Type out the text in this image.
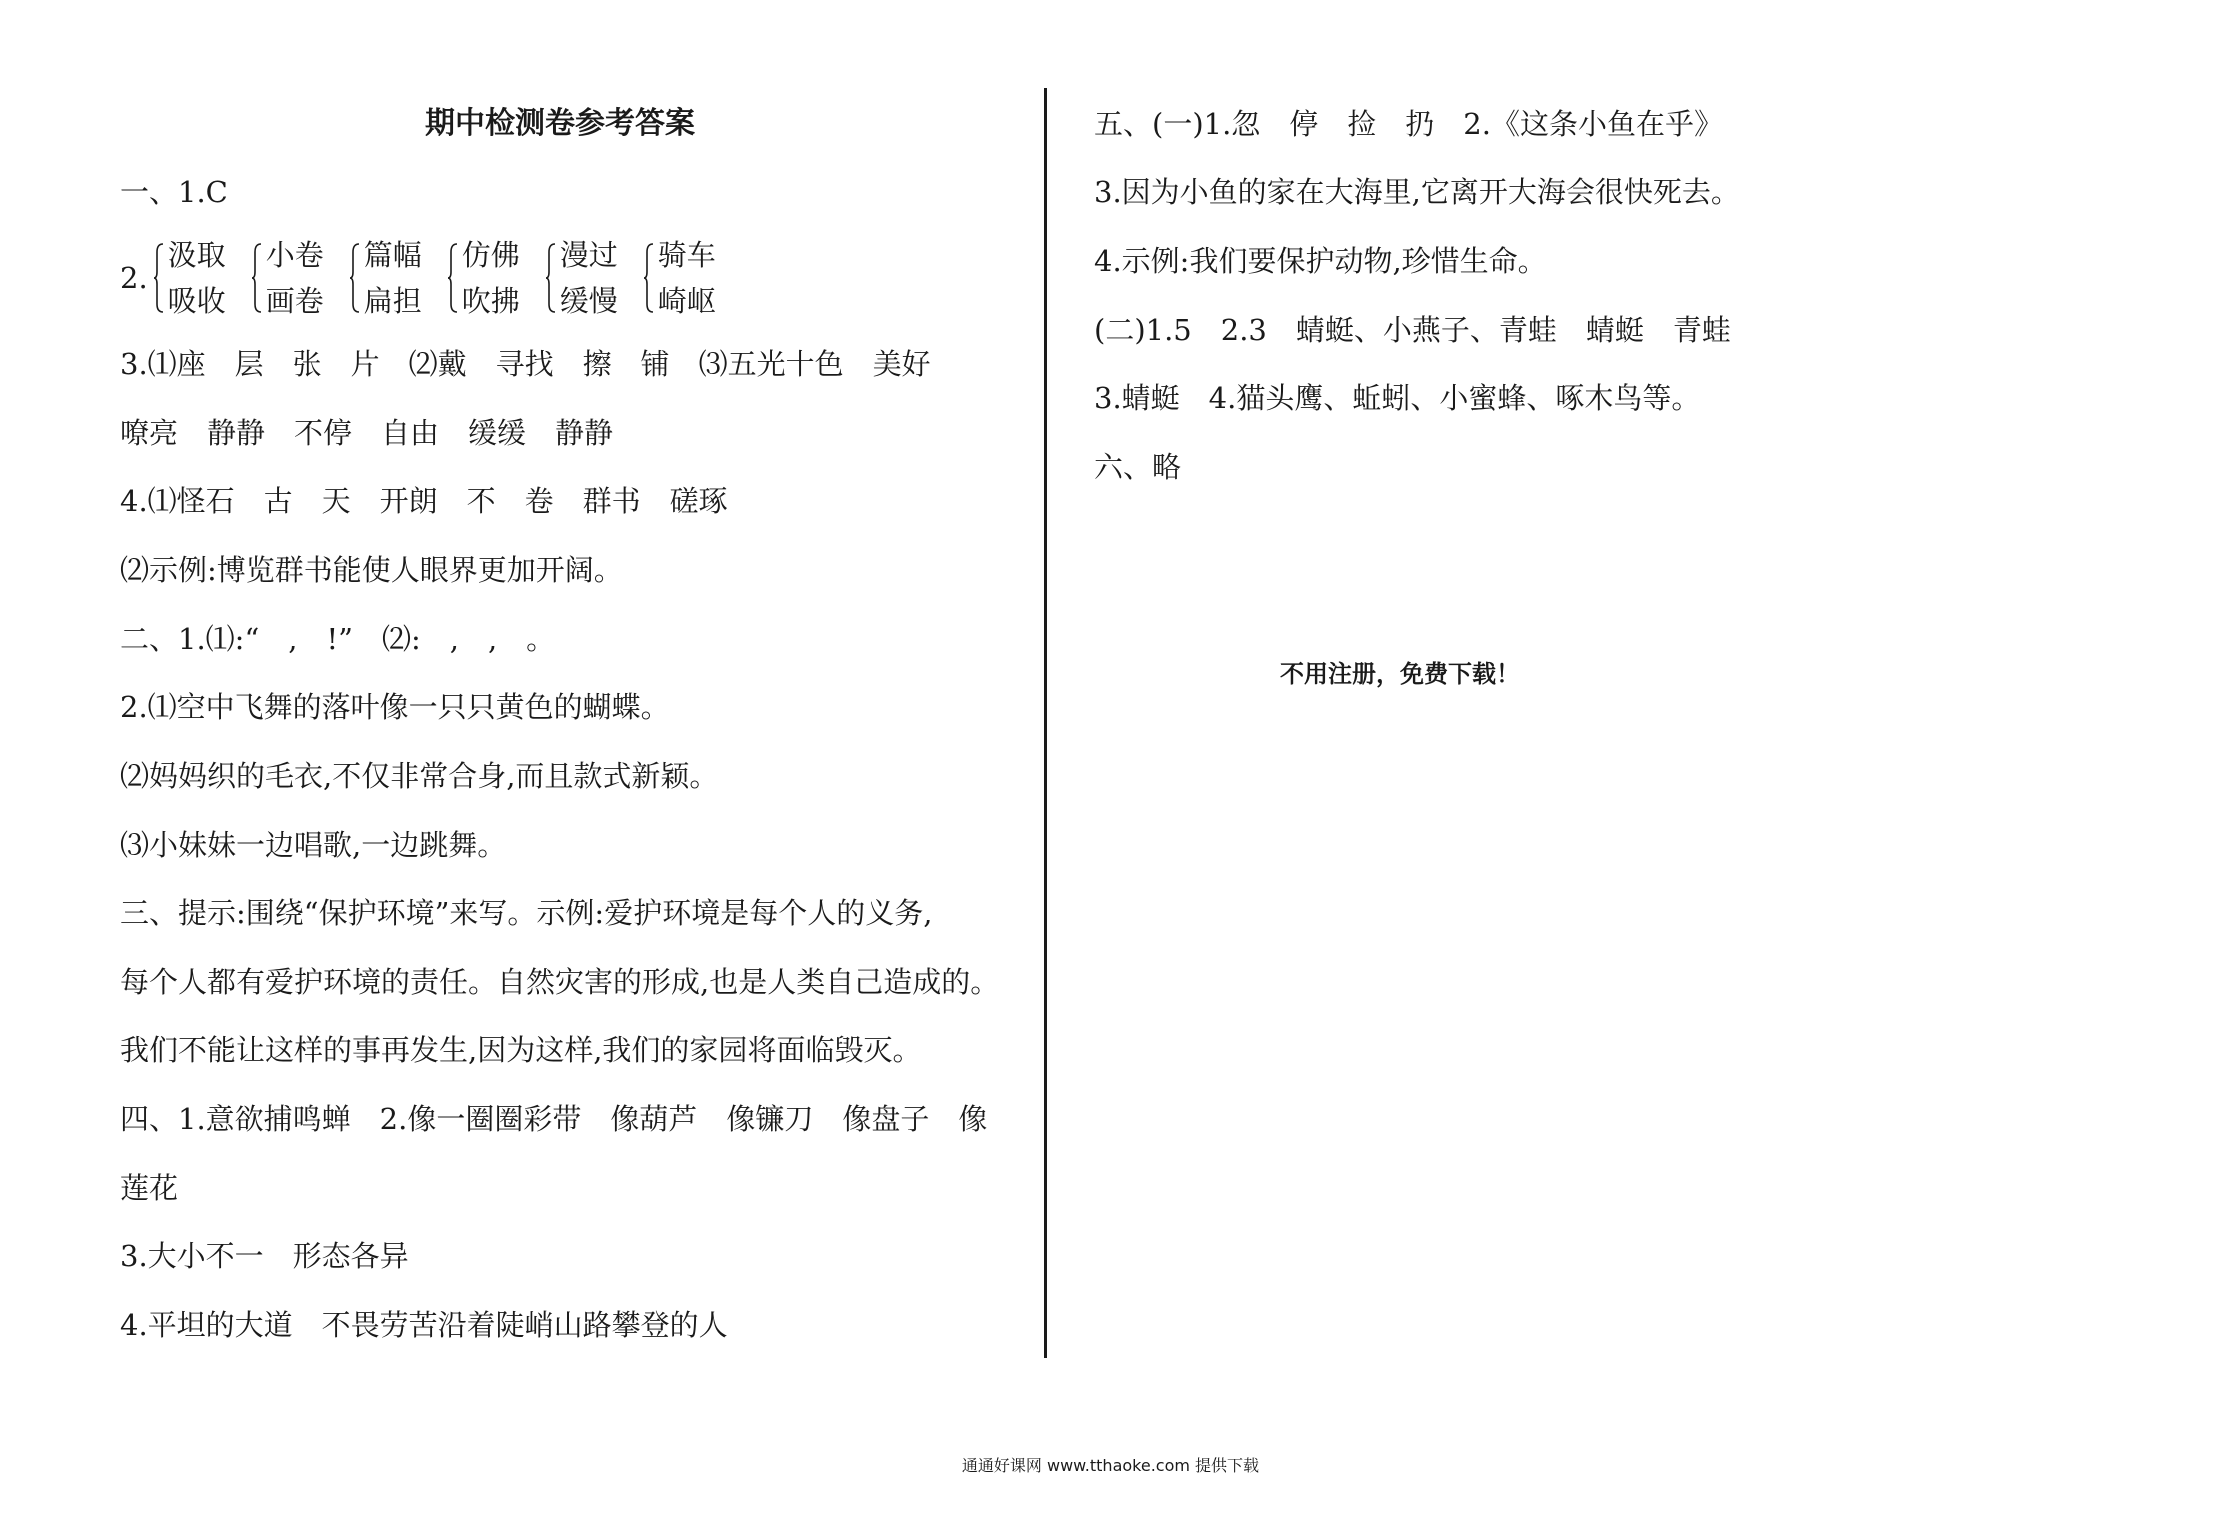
期中检测卷参考答案
一、1.C
2.
汲取
吸收
小卷
画卷
篇幅
扁担
仿佛
吹拂
漫过
缓慢
骑车
崎岖
3.⑴座　层　张　片　⑵戴　寻找　擦　铺　⑶五光十色　美好
嘹亮　静静　不停　自由　缓缓　静静
4.⑴怪石　古　天　开朗　不　卷　群书　磋琢
⑵示例:博览群书能使人眼界更加开阔。
二、1.⑴:“　,　!”　⑵:　,　,　。
2.⑴空中飞舞的落叶像一只只黄色的蝴蝶。
⑵妈妈织的毛衣,不仅非常合身,而且款式新颖。
⑶小妹妹一边唱歌,一边跳舞。
三、提示:围绕“保护环境”来写。示例:爱护环境是每个人的义务,
每个人都有爱护环境的责任。自然灾害的形成,也是人类自己造成的。
我们不能让这样的事再发生,因为这样,我们的家园将面临毁灭。
四、1.意欲捕鸣蝉　2.像一圈圈彩带　像葫芦　像镰刀　像盘子　像
莲花
3.大小不一　形态各异
4.平坦的大道　不畏劳苦沿着陡峭山路攀登的人
五、(一)1.忽　停　捡　扔　2.《这条小鱼在乎》
3.因为小鱼的家在大海里,它离开大海会很快死去。
4.示例:我们要保护动物,珍惜生命。
(二)1.5　2.3　蜻蜓、小燕子、青蛙　蜻蜓　青蛙
3.蜻蜓　4.猫头鹰、蚯蚓、小蜜蜂、啄木鸟等。
六、略
不用注册，免费下载！
通通好课网 www.tthaoke.com 提供下载
